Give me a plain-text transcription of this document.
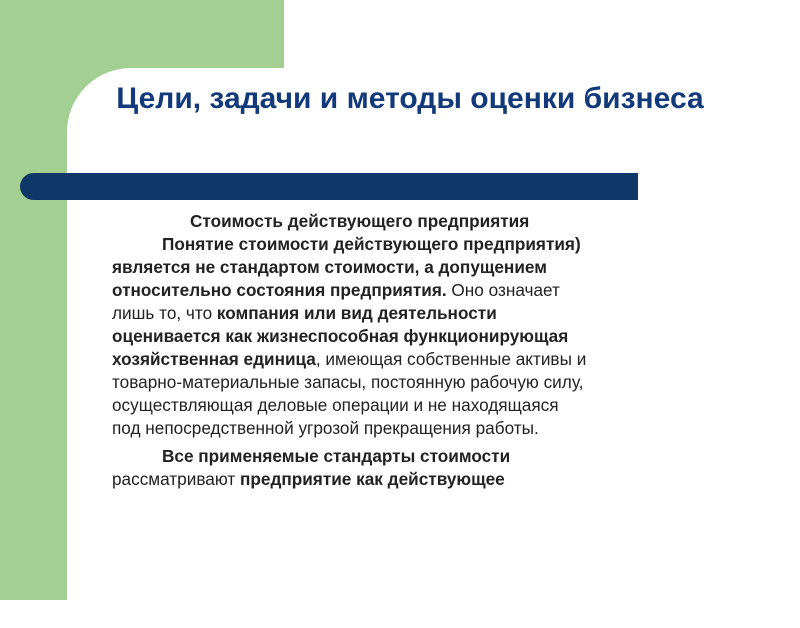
Цели, задачи и методы оценки бизнеса
Стоимость действующего предприятия
Понятие стоимости действующего предприятия)
является не стандартом стоимости, а допущением
относительно состояния предприятия. Оно означает
лишь то, что компания или вид деятельности
оценивается как жизнеспособная функционирующая
хозяйственная единица, имеющая собственные активы и
товарно-материальные запасы, постоянную рабочую силу,
осуществляющая деловые операции и не находящаяся
под непосредственной угрозой прекращения работы.
Все применяемые стандарты стоимости
рассматривают предприятие как действующее
